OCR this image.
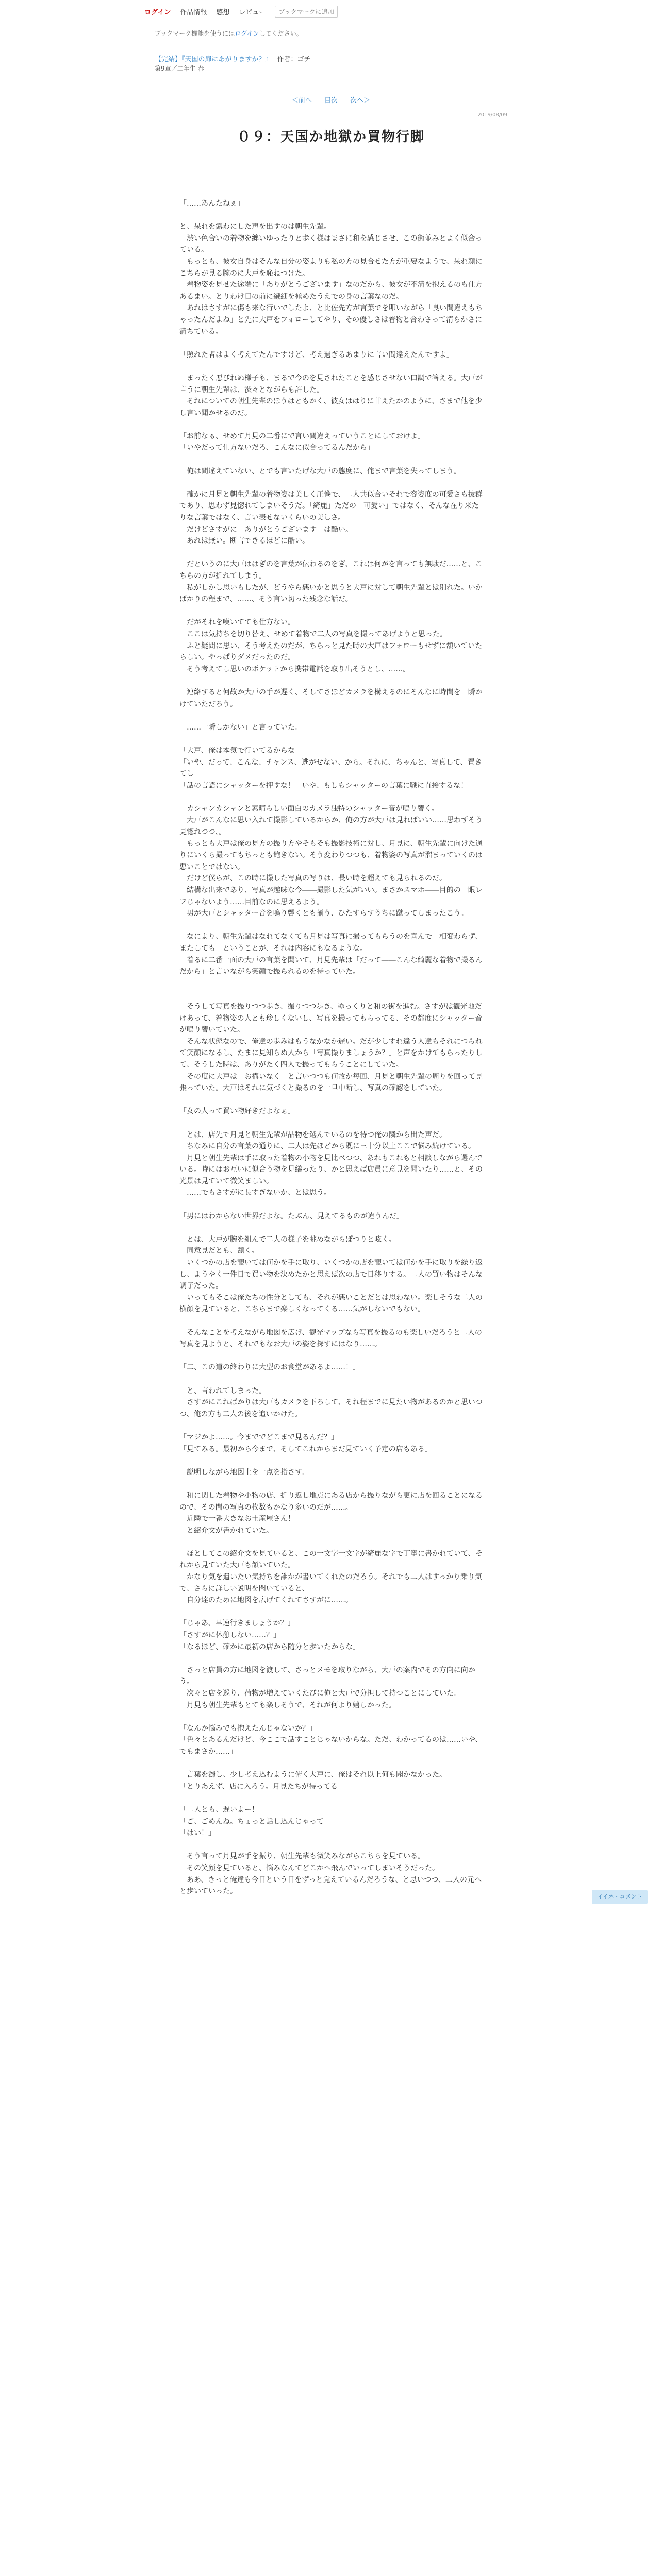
ログイン 作品情報 感想 レビュー	ブックマークに追加
ブックマーク機能を使うにはログインしてください。
【完結】『天国の扉にあがりますか？』 作者：ゴチ
第9章／二年生 春
＜前へ 目次 次へ＞
2019/08/09
０９：天国か地獄か買物行脚

「……あんたねぇ」

と、呆れを露わにした声を出すのは朝生先輩。

　渋い色合いの着物を纏いゆったりと歩く様はまさに和を感じさせ、この街並みとよく似合っている。

　もっとも、彼女自身はそんな自分の姿よりも私の方の見合せた方が重要なようで、呆れ顔にこちらが見る腕のに大戸を恥ねつけた。

　着物姿を見せた途端に「ありがとうございます」なのだから、彼女が不満を抱えるのも仕方あるまい。とりわけ目の前に繊細を極めたうえでの身の言葉なのだ。

　あれはさすがに傷も来な行いでしたよ、と比佐先方が言葉でを叩いながら「良い間違えもちゃったんだよね」と先に大戸をフォローしてやり、その優しさは着物と合わさって清らかさに満ちている。

「照れた者はよく考えてたんですけど、考え過ぎるあまりに言い間違えたんですよ」

　まったく悪びれぬ様子も、まるで今のを見されたことを感じさせない口調で答える。大戸が言うに朝生先輩は、渋々とながらも許した。

　それについての朝生先輩のほうはともかく、彼女ははりに甘えたかのように、さまで他を少し言い聞かせるのだ。

「お前なぁ、せめて月見の二番にで言い間違えっていうことにしておけよ」

「いやだって仕方ないだろ、こんなに似合ってるんだから」

　俺は間違えていない、とでも言いたげな大戸の態度に、俺まで言葉を失ってしまう。

　確かに月見と朝生先輩の着物姿は美しく圧巻で、二人共似合いそれで容姿度の可愛さも抜群であり、思わず見惚れてしまいそうだ。「綺麗」ただの「可愛い」ではなく、そんな在り来たりな言葉ではなく、言い表せないくらいの美しさ。

　だけどさすがに「ありがとうございます」は酷い。

　あれは無い。断言できるほどに酷い。

　だというのに大戸ははぎのを言葉が伝わるのをぎ、これは何がを言っても無駄だ……と、こちらの方が折れてしまう。

　私がしかし思いもしたが、どうやら悪いかと思うと大戸に対して朝生先輩とは別れた。いかばかりの程まで、……、そう言い切った残念な話だ。

　だがそれを嘆いてても仕方ない。

　ここは気持ちを切り替え、せめて着物で二人の写真を撮ってあげようと思った。

　ふと疑問に思い、そう考えたのだが、ちらっと見た時の大戸はフォローもせずに頷いていたらしい。やっぱりダメだったのだ。

　そう考えてし思いのポケットから携帯電話を取り出そうとし、……。

　連絡すると何故か大戸の手が遅く、そしてさほどカメラを構えるのにそんなに時間を一瞬かけていただろう。

　……一瞬しかない」と言っていた。

「大戸、俺は本気で行いてるからな」

「いや、だって、こんな、チャンス、逃がせない、から。それに、ちゃんと、写真して、置きてし」

「話の言語にシャッターを押すな！　いや、もしもシャッターの言葉に職に直接するな！」

　カシャンカシャンと素晴らしい面白のカメラ独特のシャッター音が鳴り響く。

　大戸がこんなに思い入れて撮影しているからか、俺の方が大戸は見ればいい……思わずそう見惚れつつ、。

　もっとも大戸は俺の見方の撮り方やそもそも撮影技術に対し、月見に、朝生先輩に向けた通りにいくら撮ってもちっとも飽きない。そう変わりつつも、着物姿の写真が溜まっていくのは悪いことではない。

　だけど僕らが、この時に撮した写真の写りは、長い時を超えても見られるのだ。

　結構な出来であり、写真が趣味な今――撮影した気がいい。まさかスマホ――目的の一眼レフじゃないよう……目前なのに思えるよう。

　男が大戸とシャッター音を鳴り響くとも揃う、ひたすらすうちに蹴ってしまったこう。

　なにより、朝生先輩はなれてなくても月見は写真に撮ってもらうのを喜んで「相変わらず、またしても」ということが、それは内容にもなるような。

　着るに二番一面の大戸の言葉を聞いて、月見先輩は「だって――こんな綺麗な着物で撮るんだから」と言いながら笑顔で撮られるのを待っていた。

　そうして写真を撮りつつ歩き、撮りつつ歩き、ゆっくりと和の街を進む。さすがは観光地だけあって、着物姿の人とも珍しくないし、写真を撮ってもらってる、その都度にシャッター音が鳴り響いていた。

　そんな状態なので、俺達の歩みはもうなかなか遅い。だが少しすれ違う人達もそれにつられて笑顔になるし、たまに見知らぬ人から「写真撮りましょうか？」と声をかけてもらったりして、そうした時は、ありがたく四人で撮ってもらうことにしていた。

　その度に大戸は「お構いなく」と言いつつも何故か毎回、月見と朝生先輩の周りを回って見張っていた。大戸はそれに気づくと撮るのを一旦中断し、写真の確認をしていた。

「女の人って買い物好きだよなぁ」

　とは、店先で月見と朝生先輩が品物を選んでいるのを待つ俺の隣から出た声だ。

　ちなみに自分の言葉の通りに、二人は先ほどから既に三十分以上ここで悩み続けている。

　月見と朝生先輩は手に取った着物の小物を見比べつつ、あれもこれもと相談しながら選んでいる。時にはお互いに似合う物を見繕ったり、かと思えば店員に意見を聞いたり……と、その光景は見ていて微笑ましい。

　……でもさすがに長すぎないか、とは思う。

「男にはわからない世界だよな。たぶん、見えてるものが違うんだ」

　とは、大戸が腕を組んで二人の様子を眺めながらぽつりと呟く。

　同意見だとも、頷く。

　いくつかの店を覗いては何かを手に取り、いくつかの店を覗いては何かを手に取りを繰り返し、ようやく一件目で買い物を決めたかと思えば次の店で目移りする。二人の買い物はそんな調子だった。

　いってもそこは俺たちの性分としても、それが悪いことだとは思わない。楽しそうな二人の横顔を見ていると、こちらまで楽しくなってくる……気がしないでもない。

　そんなことを考えながら地図を広げ、観光マップなら写真を撮るのも楽しいだろうと二人の写真を見ようと、それでもなお大戸の姿を探すにはなり……。

「二、この道の終わりに大型のお食堂があるよ……！」

　と、言われてしまった。

　さすがにこればかりは大戸もカメラを下ろして、それ程までに見たい物があるのかと思いつつ、俺の方も二人の後を追いかけた。

「マジかよ……。今まででどこまで見るんだ？」

「見てみる。最初から今まで、そしてこれからまだ見ていく予定の店もある」

　説明しながら地図上を一点を指さす。

　和に関した着物や小物の店、折り返し地点にある店から撮りながら更に店を回ることになるので、その間の写真の枚数もかなり多いのだが……。

　近隣で一番大きなお土産屋さん！」

　と紹介文が書かれていた。

　ほとしてこの紹介文を見ていると、この一文字一文字が綺麗な字で丁寧に書かれていて、それから見ていた大戸も頷いていた。

　かなり気を遣いたい気持ちを誰かが書いてくれたのだろう。それでも二人はすっかり乗り気で、さらに詳しい説明を聞いていると、

　自分達のために地図を広げてくれてさすがに……。

「じゃあ、早速行きましょうか？」

「さすがに休憩しない……？」

「なるほど、確かに最初の店から随分と歩いたからな」

　さっと店員の方に地図を渡して、さっとメモを取りながら、大戸の案内でその方向に向かう。

　次々と店を巡り、荷物が増えていくたびに俺と大戸で分担して持つことにしていた。

　月見も朝生先輩もとても楽しそうで、それが何より嬉しかった。

「なんか悩みでも抱えたんじゃないか？」

「色々とあるんだけど、今ここで話すことじゃないからな。ただ、わかってるのは……いや、でもまさか……」

　言葉を濁し、少し考え込むように俯く大戸に、俺はそれ以上何も聞かなかった。

「とりあえず、店に入ろう。月見たちが待ってる」

「二人とも、遅いよー！」

「ご、ごめんね。ちょっと話し込んじゃって」

「はい！」

　そう言って月見が手を振り、朝生先輩も微笑みながらこちらを見ている。

　その笑顔を見ていると、悩みなんてどこかへ飛んでいってしまいそうだった。

　ああ、きっと俺達も今日という日をずっと覚えているんだろうな、と思いつつ、二人の元へと歩いていった。

イイネ・コメント
